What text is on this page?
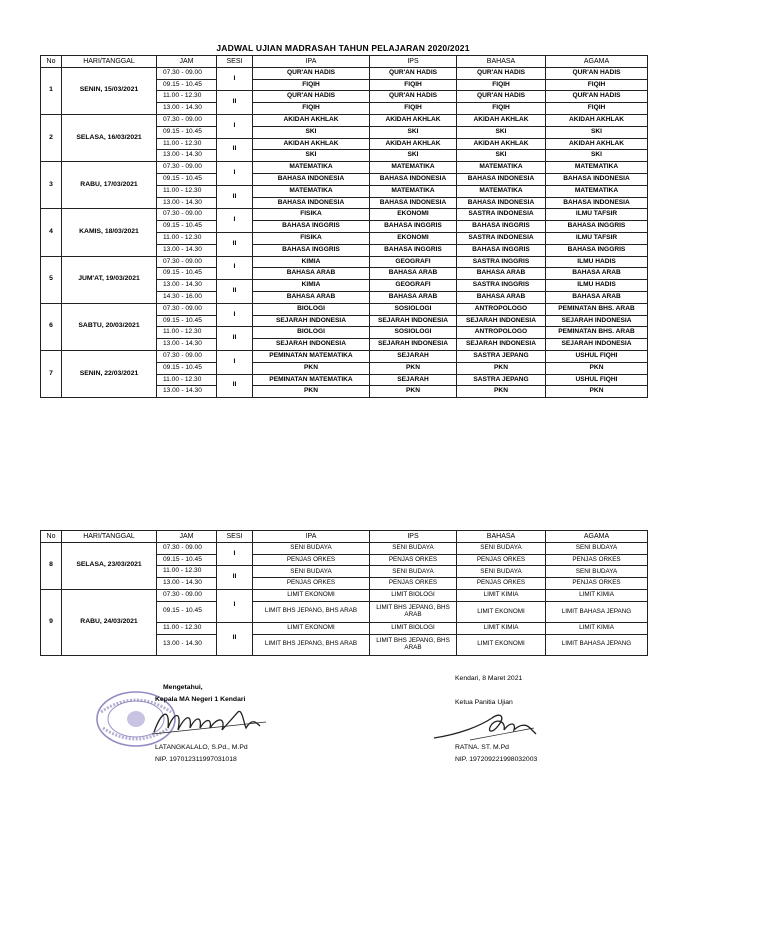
JADWAL UJIAN MADRASAH TAHUN PELAJARAN 2020/2021
No	HARI/TANGGAL	JAM	SESI	IPA	IPS	BAHASA	AGAMA
1	SENIN, 15/03/2021	07.30 - 09.00	I	QUR'AN HADIS	QUR'AN HADIS	QUR'AN HADIS	QUR'AN HADIS
		09.15 - 10.45		FIQIH	FIQIH	FIQIH	FIQIH
		11.00 - 12.30	II	QUR'AN HADIS	QUR'AN HADIS	QUR'AN HADIS	QUR'AN HADIS
		13.00 - 14.30		FIQIH	FIQIH	FIQIH	FIQIH
2	SELASA, 16/03/2021	07.30 - 09.00	I	AKIDAH AKHLAK	AKIDAH AKHLAK	AKIDAH AKHLAK	AKIDAH AKHLAK
		09.15 - 10.45		SKI	SKI	SKI	SKI
		11.00 - 12.30	II	AKIDAH AKHLAK	AKIDAH AKHLAK	AKIDAH AKHLAK	AKIDAH AKHLAK
		13.00 - 14.30		SKI	SKI	SKI	SKI
3	RABU, 17/03/2021	07.30 - 09.00	I	MATEMATIKA	MATEMATIKA	MATEMATIKA	MATEMATIKA
		09.15 - 10.45		BAHASA INDONESIA	BAHASA INDONESIA	BAHASA INDONESIA	BAHASA INDONESIA
		11.00 - 12.30	II	MATEMATIKA	MATEMATIKA	MATEMATIKA	MATEMATIKA
		13.00 - 14.30		BAHASA INDONESIA	BAHASA INDONESIA	BAHASA INDONESIA	BAHASA INDONESIA
4	KAMIS, 18/03/2021	07.30 - 09.00	I	FISIKA	EKONOMI	SASTRA INDONESIA	ILMU TAFSIR
		09.15 - 10.45		BAHASA INGGRIS	BAHASA INGGRIS	BAHASA INGGRIS	BAHASA INGGRIS
		11.00 - 12.30	II	FISIKA	EKONOMI	SASTRA INDONESIA	ILMU TAFSIR
		13.00 - 14.30		BAHASA INGGRIS	BAHASA INGGRIS	BAHASA INGGRIS	BAHASA INGGRIS
5	JUM'AT, 19/03/2021	07.30 - 09.00	I	KIMIA	GEOGRAFI	SASTRA INGGRIS	ILMU HADIS
		09.15 - 10.45		BAHASA ARAB	BAHASA ARAB	BAHASA ARAB	BAHASA ARAB
		13.00 - 14.30	II	KIMIA	GEOGRAFI	SASTRA INGGRIS	ILMU HADIS
		14.30 - 16.00		BAHASA ARAB	BAHASA ARAB	BAHASA ARAB	BAHASA ARAB
6	SABTU, 20/03/2021	07.30 - 09.00	I	BIOLOGI	SOSIOLOGI	ANTROPOLOGO	PEMINATAN BHS. ARAB
		09.15 - 10.45		SEJARAH INDONESIA	SEJARAH INDONESIA	SEJARAH INDONESIA	SEJARAH INDONESIA
		11.00 - 12.30	II	BIOLOGI	SOSIOLOGI	ANTROPOLOGO	PEMINATAN BHS. ARAB
		13.00 - 14.30		SEJARAH INDONESIA	SEJARAH INDONESIA	SEJARAH INDONESIA	SEJARAH INDONESIA
7	SENIN, 22/03/2021	07.30 - 09.00	I	PEMINATAN MATEMATIKA	SEJARAH	SASTRA JEPANG	USHUL FIQHI
		09.15 - 10.45		PKN	PKN	PKN	PKN
		11.00 - 12.30	II	PEMINATAN MATEMATIKA	SEJARAH	SASTRA JEPANG	USHUL FIQHI
		13.00 - 14.30		PKN	PKN	PKN	PKN
No	HARI/TANGGAL	JAM	SESI	IPA	IPS	BAHASA	AGAMA
8	SELASA, 23/03/2021	07.30 - 09.00	I	SENI BUDAYA	SENI BUDAYA	SENI BUDAYA	SENI BUDAYA
		09.15 - 10.45		PENJAS ORKES	PENJAS ORKES	PENJAS ORKES	PENJAS ORKES
		11.00 - 12.30	II	SENI BUDAYA	SENI BUDAYA	SENI BUDAYA	SENI BUDAYA
		13.00 - 14.30		PENJAS ORKES	PENJAS ORKES	PENJAS ORKES	PENJAS ORKES
9	RABU, 24/03/2021	07.30 - 09.00	I	LIMIT EKONOMI	LIMIT BIOLOGI	LIMIT KIMIA	LIMIT KIMIA
		09.15 - 10.45		LIMIT BHS JEPANG, BHS ARAB	LIMIT BHS JEPANG, BHS ARAB	LIMIT EKONOMI	LIMIT BAHASA JEPANG
		11.00 - 12.30	II	LIMIT EKONOMI	LIMIT BIOLOGI	LIMIT KIMIA	LIMIT KIMIA
		13.00 - 14.30		LIMIT BHS JEPANG, BHS ARAB	LIMIT BHS JEPANG, BHS ARAB	LIMIT EKONOMI	LIMIT BAHASA JEPANG
Mengetahui,
Kepala MA Negeri 1 Kendari
LATANGKALALO, S.Pd., M.Pd
NIP. 197012311997031018
Kendari, 8 Maret 2021
Ketua Panitia Ujian
RATNA. ST. M.Pd
NIP. 197209221998032003
